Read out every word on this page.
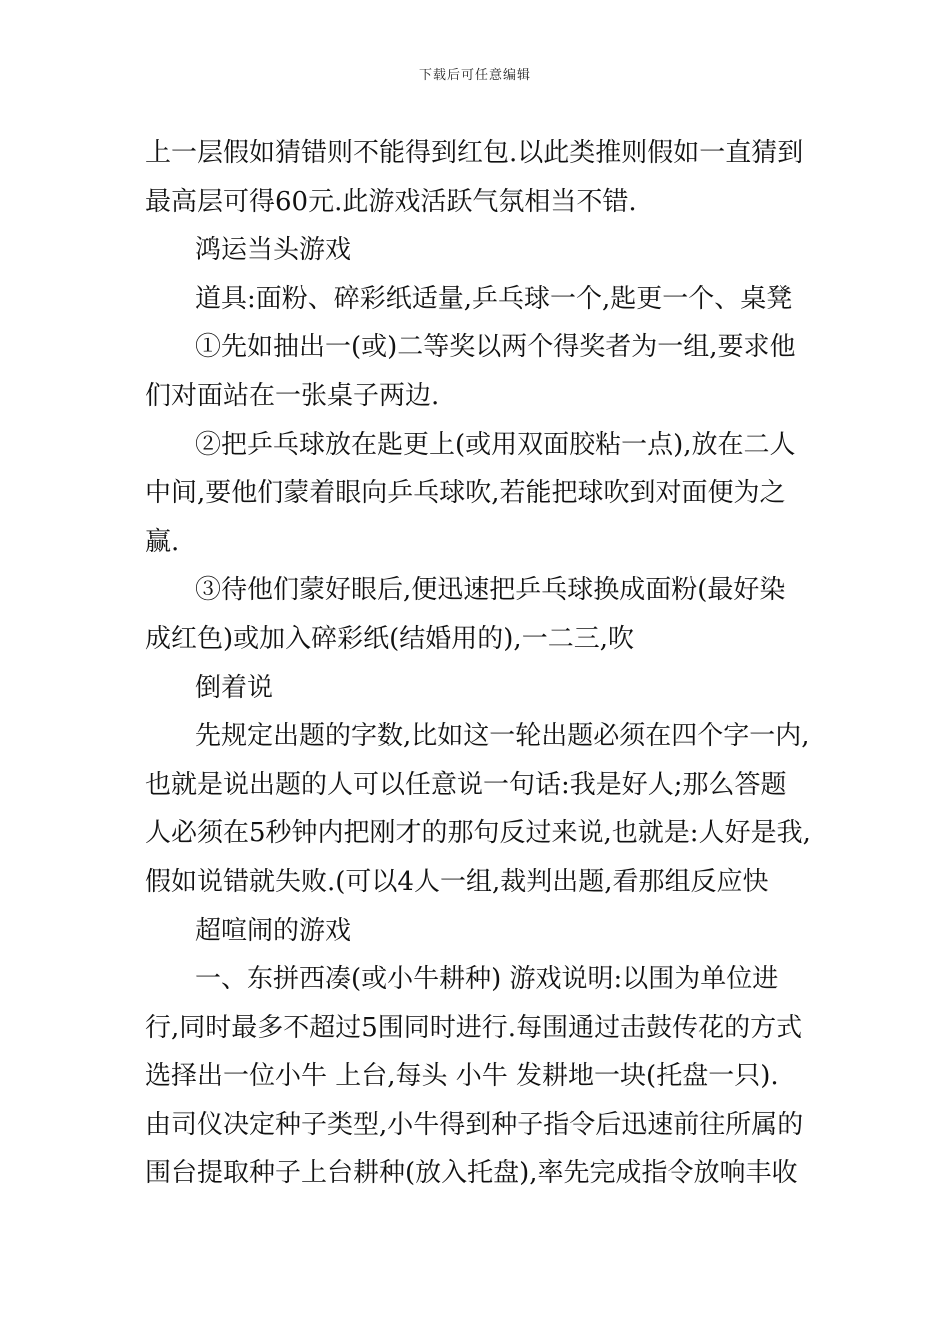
下载后可任意编辑
上一层假如猜错则不能得到红包.以此类推则假如一直猜到
最高层可得60元.此游戏活跃气氛相当不错.
鸿运当头游戏
道具:面粉、碎彩纸适量,乒乓球一个,匙更一个、桌凳
①先如抽出一(或)二等奖以两个得奖者为一组,要求他
们对面站在一张桌子两边.
②把乒乓球放在匙更上(或用双面胶粘一点),放在二人
中间,要他们蒙着眼向乒乓球吹,若能把球吹到对面便为之
赢.
③待他们蒙好眼后,便迅速把乒乓球换成面粉(最好染
成红色)或加入碎彩纸(结婚用的),一二三,吹
倒着说
先规定出题的字数,比如这一轮出题必须在四个字一内,
也就是说出题的人可以任意说一句话:我是好人;那么答题
人必须在5秒钟内把刚才的那句反过来说,也就是:人好是我,
假如说错就失败.(可以4人一组,裁判出题,看那组反应快
超喧闹的游戏
一、东拼西凑(或小牛耕种) 游戏说明:以围为单位进
行,同时最多不超过5围同时进行.每围通过击鼓传花的方式
选择出一位小牛 上台,每头 小牛 发耕地一块(托盘一只).
由司仪决定种子类型,小牛得到种子指令后迅速前往所属的
围台提取种子上台耕种(放入托盘),率先完成指令放响丰收
